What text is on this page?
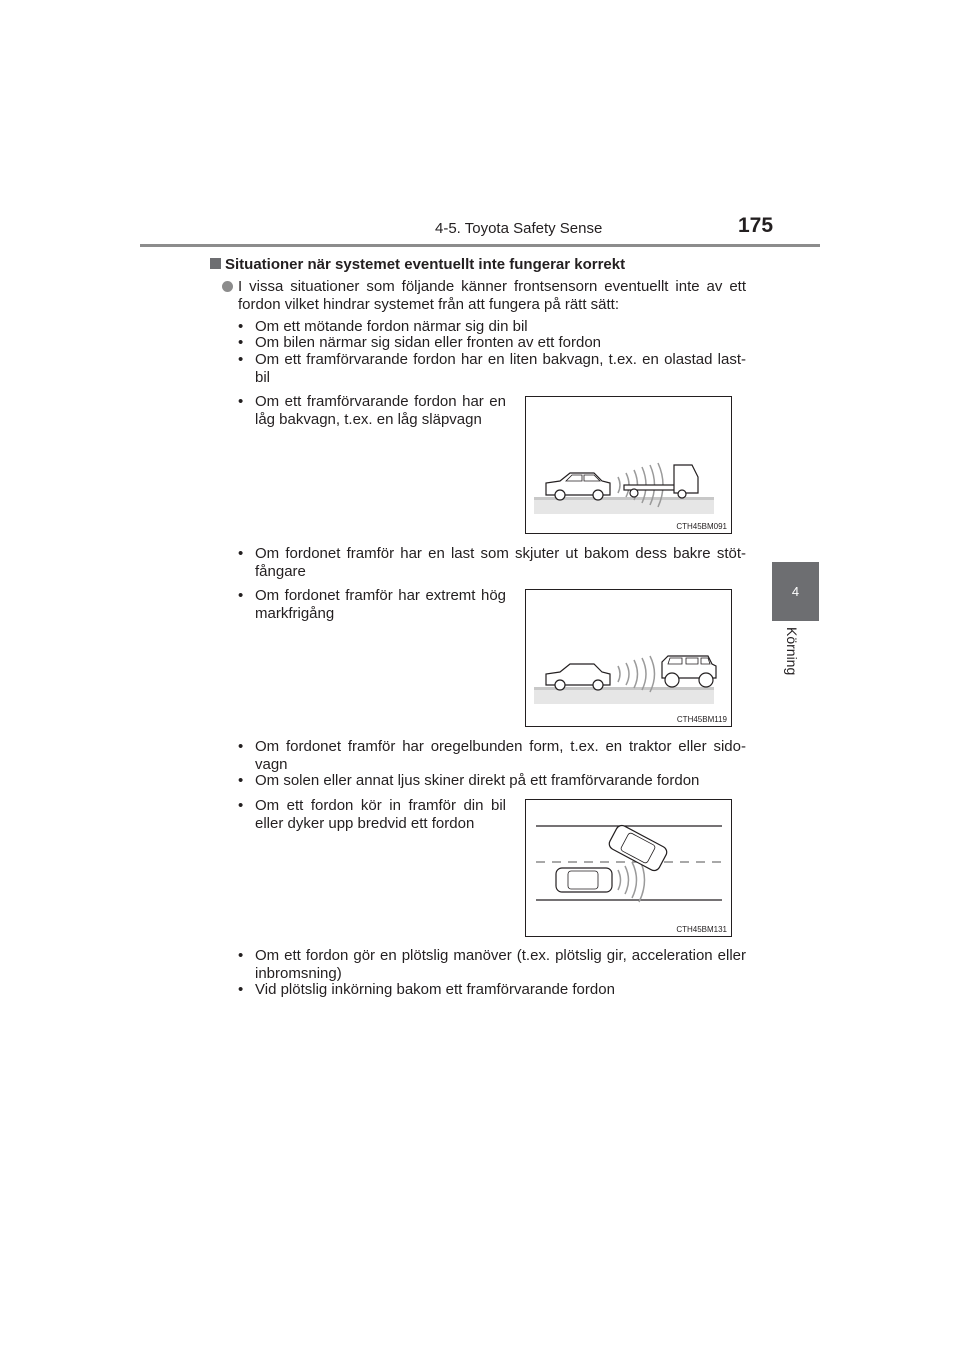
4-5. Toyota Safety Sense	175
4
Körning
Situationer när systemet eventuellt inte fungerar korrekt
I vissa situationer som följande känner frontsensorn eventuellt inte av ett fordon vilket hindrar systemet från att fungera på rätt sätt:
• Om ett mötande fordon närmar sig din bil
• Om bilen närmar sig sidan eller fronten av ett fordon
• Om ett framförvarande fordon har en liten bakvagn, t.ex. en olastad last-bil
• Om ett framförvarande fordon har en låg bakvagn, t.ex. en låg släpvagn
CTH45BM091
• Om fordonet framför har en last som skjuter ut bakom dess bakre stöt-fångare
• Om fordonet framför har extremt hög markfrigång
CTH45BM119
• Om fordonet framför har oregelbunden form, t.ex. en traktor eller sido-vagn
• Om solen eller annat ljus skiner direkt på ett framförvarande fordon
• Om ett fordon kör in framför din bil eller dyker upp bredvid ett fordon
CTH45BM131
• Om ett fordon gör en plötslig manöver (t.ex. plötslig gir, acceleration eller inbromsning)
• Vid plötslig inkörning bakom ett framförvarande fordon
